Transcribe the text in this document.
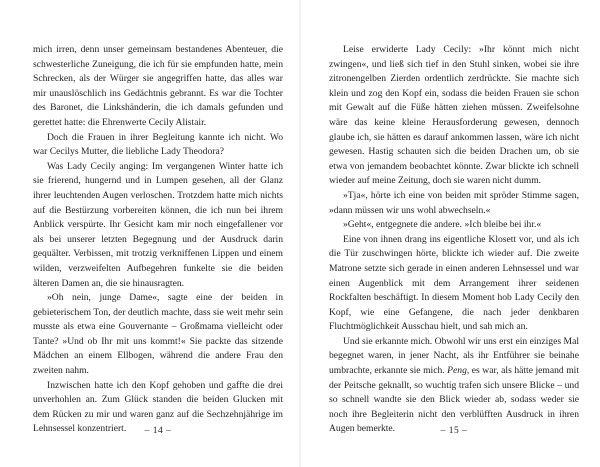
mich irren, denn unser gemeinsam bestandenes Abenteuer, die schwesterliche Zuneigung, die ich für sie empfunden hatte, mein Schrecken, als der Würger sie angegriffen hatte, das alles war mir unauslöschlich ins Gedächtnis gebrannt. Es war die Tochter des Baronet, die Linkshänderin, die ich damals gefunden und gerettet hatte: die Ehrenwerte Cecily Alistair.

Doch die Frauen in ihrer Begleitung kannte ich nicht. Wo war Cecilys Mutter, die liebliche Lady Theodora?

Was Lady Cecily anging: Im vergangenen Winter hatte ich sie frierend, hungernd und in Lumpen gesehen, all der Glanz ihrer leuchtenden Augen verloschen. Trotzdem hatte mich nichts auf die Bestürzung vorbereiten können, die ich nun bei ihrem Anblick verspürte. Ihr Gesicht kam mir noch eingefallener vor als bei unserer letzten Begegnung und der Ausdruck darin gequälter. Verbissen, mit trotzig verkniffenen Lippen und einem wilden, verzweifelten Aufbegehren funkelte sie die beiden älteren Damen an, die sie hinausragten.

»Oh nein, junge Dame«, sagte eine der beiden in gebieterischem Ton, der deutlich machte, dass sie weit mehr sein musste als etwa eine Gouvernante – Großmama vielleicht oder Tante? »Und ob Ihr mit uns kommt!« Sie packte das sitzende Mädchen an einem Ellbogen, während die andere Frau den zweiten nahm.

Inzwischen hatte ich den Kopf gehoben und gaffte die drei unverhohlen an. Zum Glück standen die beiden Glucken mit dem Rücken zu mir und waren ganz auf die Sechzehnjährige im Lehnsessel konzentriert.	– 14 –

Leise erwiderte Lady Cecily: »Ihr könnt mich nicht zwingen«, und ließ sich tief in den Stuhl sinken, wobei sie ihre zitronengelben Zierden ordentlich zerdrückte. Sie machte sich klein und zog den Kopf ein, sodass die beiden Frauen sie schon mit Gewalt auf die Füße hätten ziehen müssen. Zweifelsohne wäre das keine kleine Herausforderung gewesen, dennoch glaube ich, sie hätten es darauf ankommen lassen, wäre ich nicht gewesen. Hastig schauten sich die beiden Drachen um, ob sie etwa von jemandem beobachtet könnte. Zwar blickte ich schnell wieder auf meine Zeitung, doch sie waren nicht dumm.

»Tja«, hörte ich eine von beiden mit spröder Stimme sagen, »dann müssen wir uns wohl abwechseln.«

»Geht«, entgegnete die andere. »Ich bleibe bei ihr.«

Eine von ihnen drang ins eigentliche Klosett vor, und als ich die Tür zuschwingen hörte, blickte ich wieder auf. Die zweite Matrone setzte sich gerade in einen anderen Lehnsessel und war einen Augenblick mit dem Arrangement ihrer seidenen Rockfalten beschäftigt. In diesem Moment hob Lady Cecily den Kopf, wie eine Gefangene, die nach jeder denkbaren Fluchtmöglichkeit Ausschau hielt, und sah mich an.

Und sie erkannte mich. Obwohl wir uns erst ein einziges Mal begegnet waren, in jener Nacht, als ihr Entführer sie beinahe umbrachte, erkannte sie mich. Peng, es war, als hätte jemand mit der Peitsche geknallt, so wuchtig trafen sich unsere Blicke – und so schnell wandte sie den Blick wieder ab, sodass weder sie noch ihre Begleiterin nicht den verblüfften Ausdruck in ihren Augen bemerkte.	– 15 –
